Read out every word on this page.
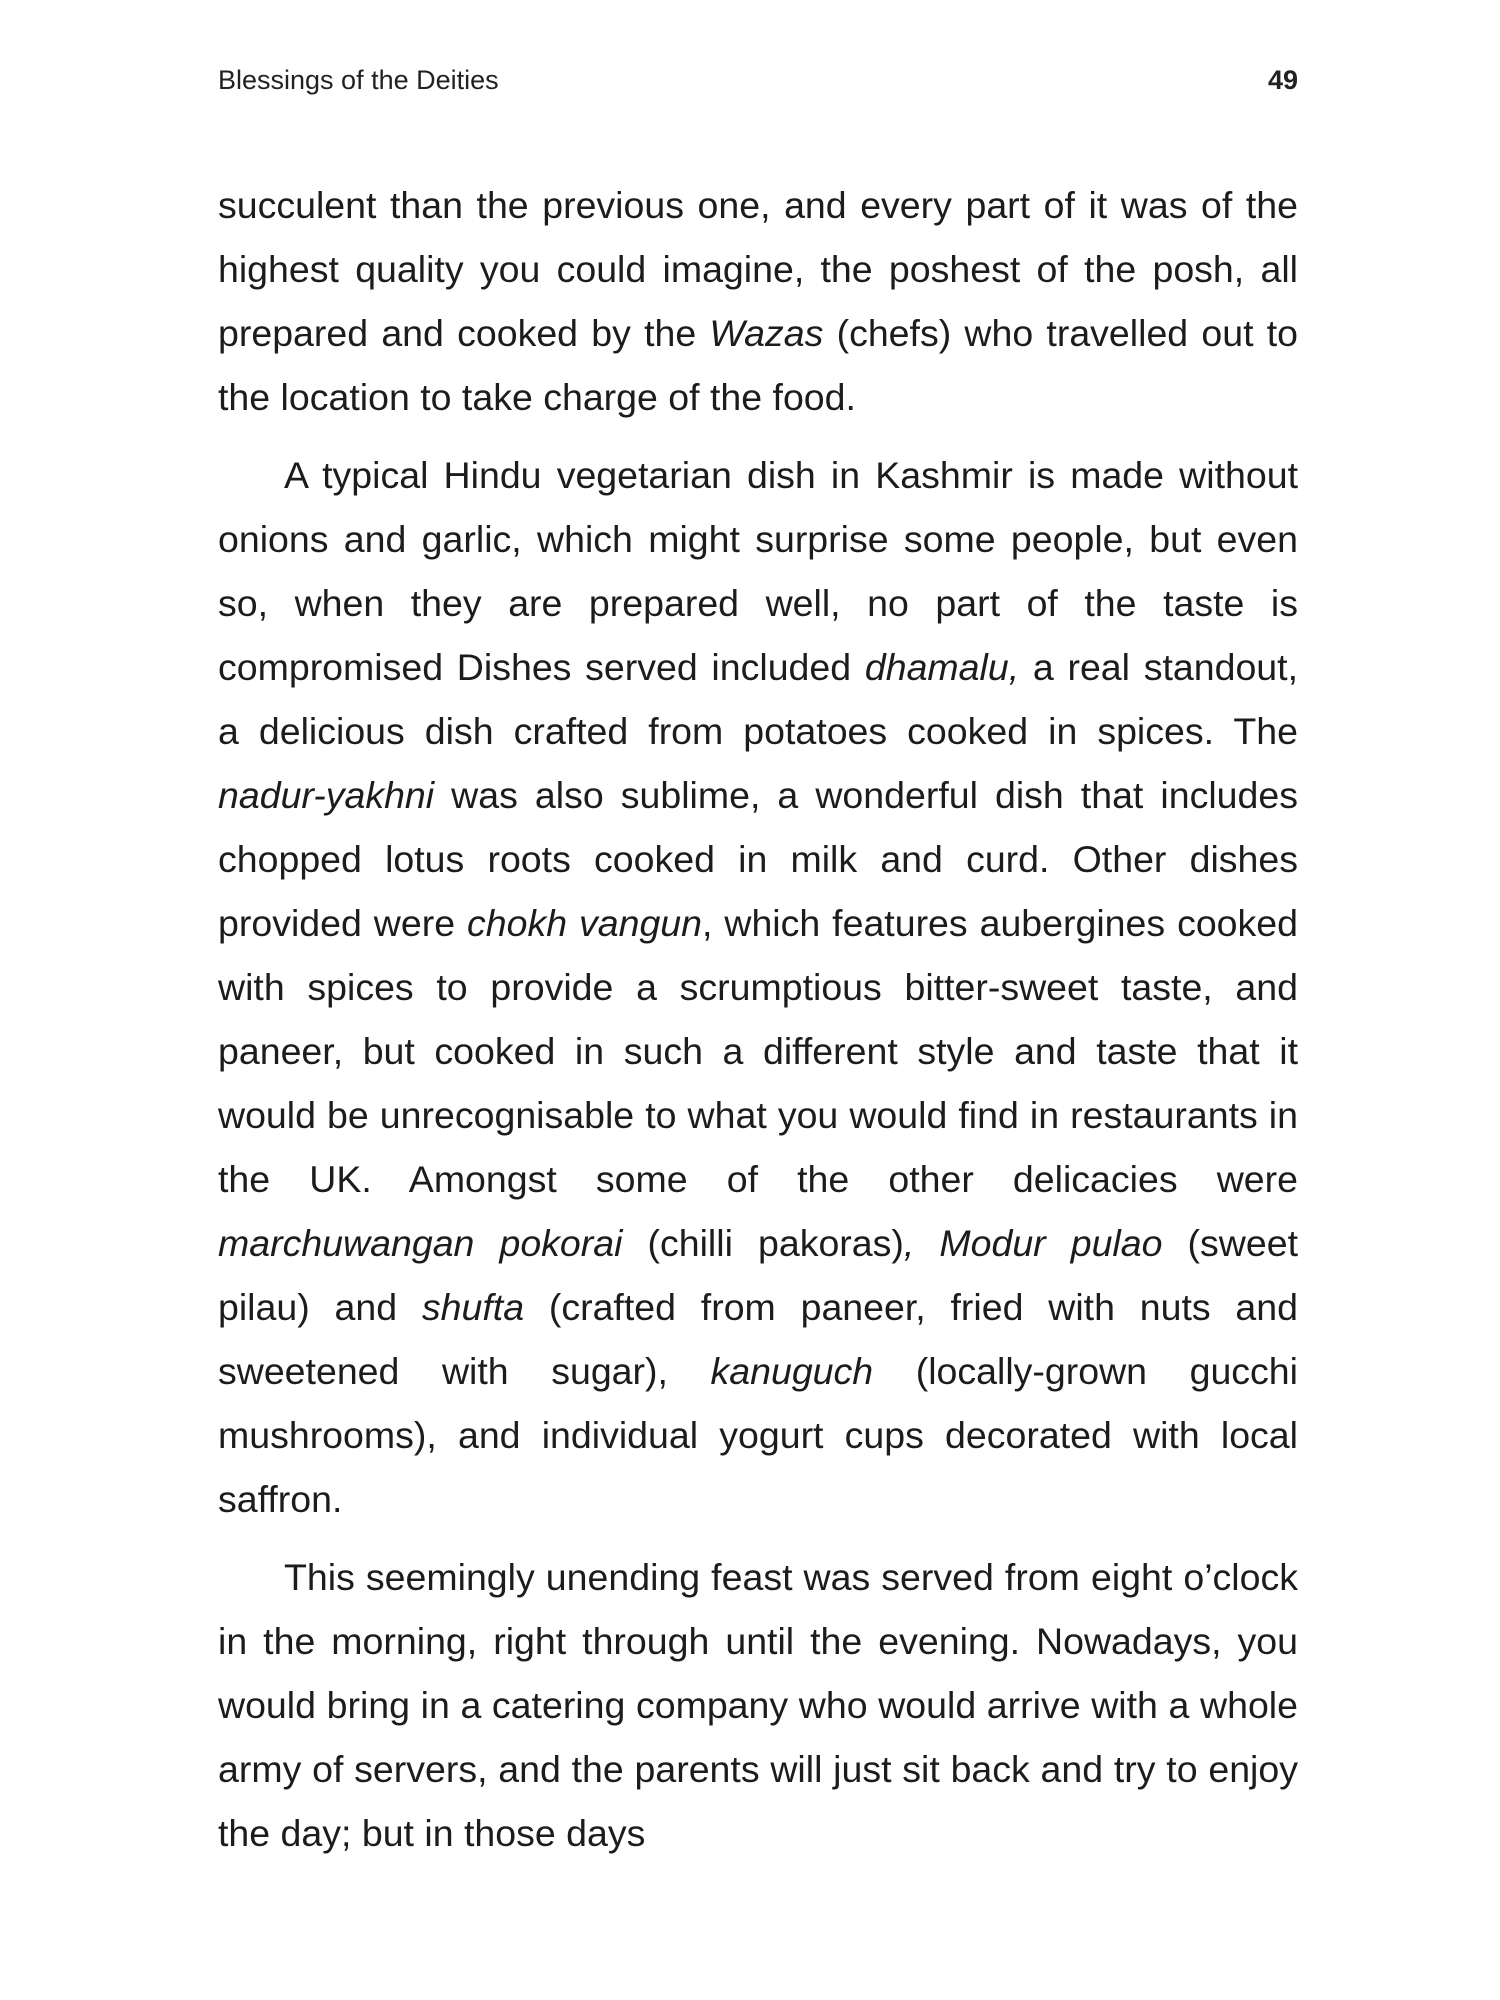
Blessings of the Deities	49

succulent than the previous one, and every part of it was of the highest quality you could imagine, the poshest of the posh, all prepared and cooked by the Wazas (chefs) who travelled out to the location to take charge of the food.

A typical Hindu vegetarian dish in Kashmir is made without onions and garlic, which might surprise some people, but even so, when they are prepared well, no part of the taste is compromised Dishes served included dhamalu, a real standout, a delicious dish crafted from potatoes cooked in spices. The nadur-yakhni was also sublime, a wonderful dish that includes chopped lotus roots cooked in milk and curd. Other dishes provided were chokh vangun, which features aubergines cooked with spices to provide a scrumptious bitter-sweet taste, and paneer, but cooked in such a different style and taste that it would be unrecognisable to what you would find in restaurants in the UK. Amongst some of the other delicacies were marchuwangan pokorai (chilli pakoras), Modur pulao (sweet pilau) and shufta (crafted from paneer, fried with nuts and sweetened with sugar), kanuguch (locally-grown gucchi mushrooms), and individual yogurt cups decorated with local saffron.

This seemingly unending feast was served from eight o’clock in the morning, right through until the evening. Nowadays, you would bring in a catering company who would arrive with a whole army of servers, and the parents will just sit back and try to enjoy the day; but in those days
